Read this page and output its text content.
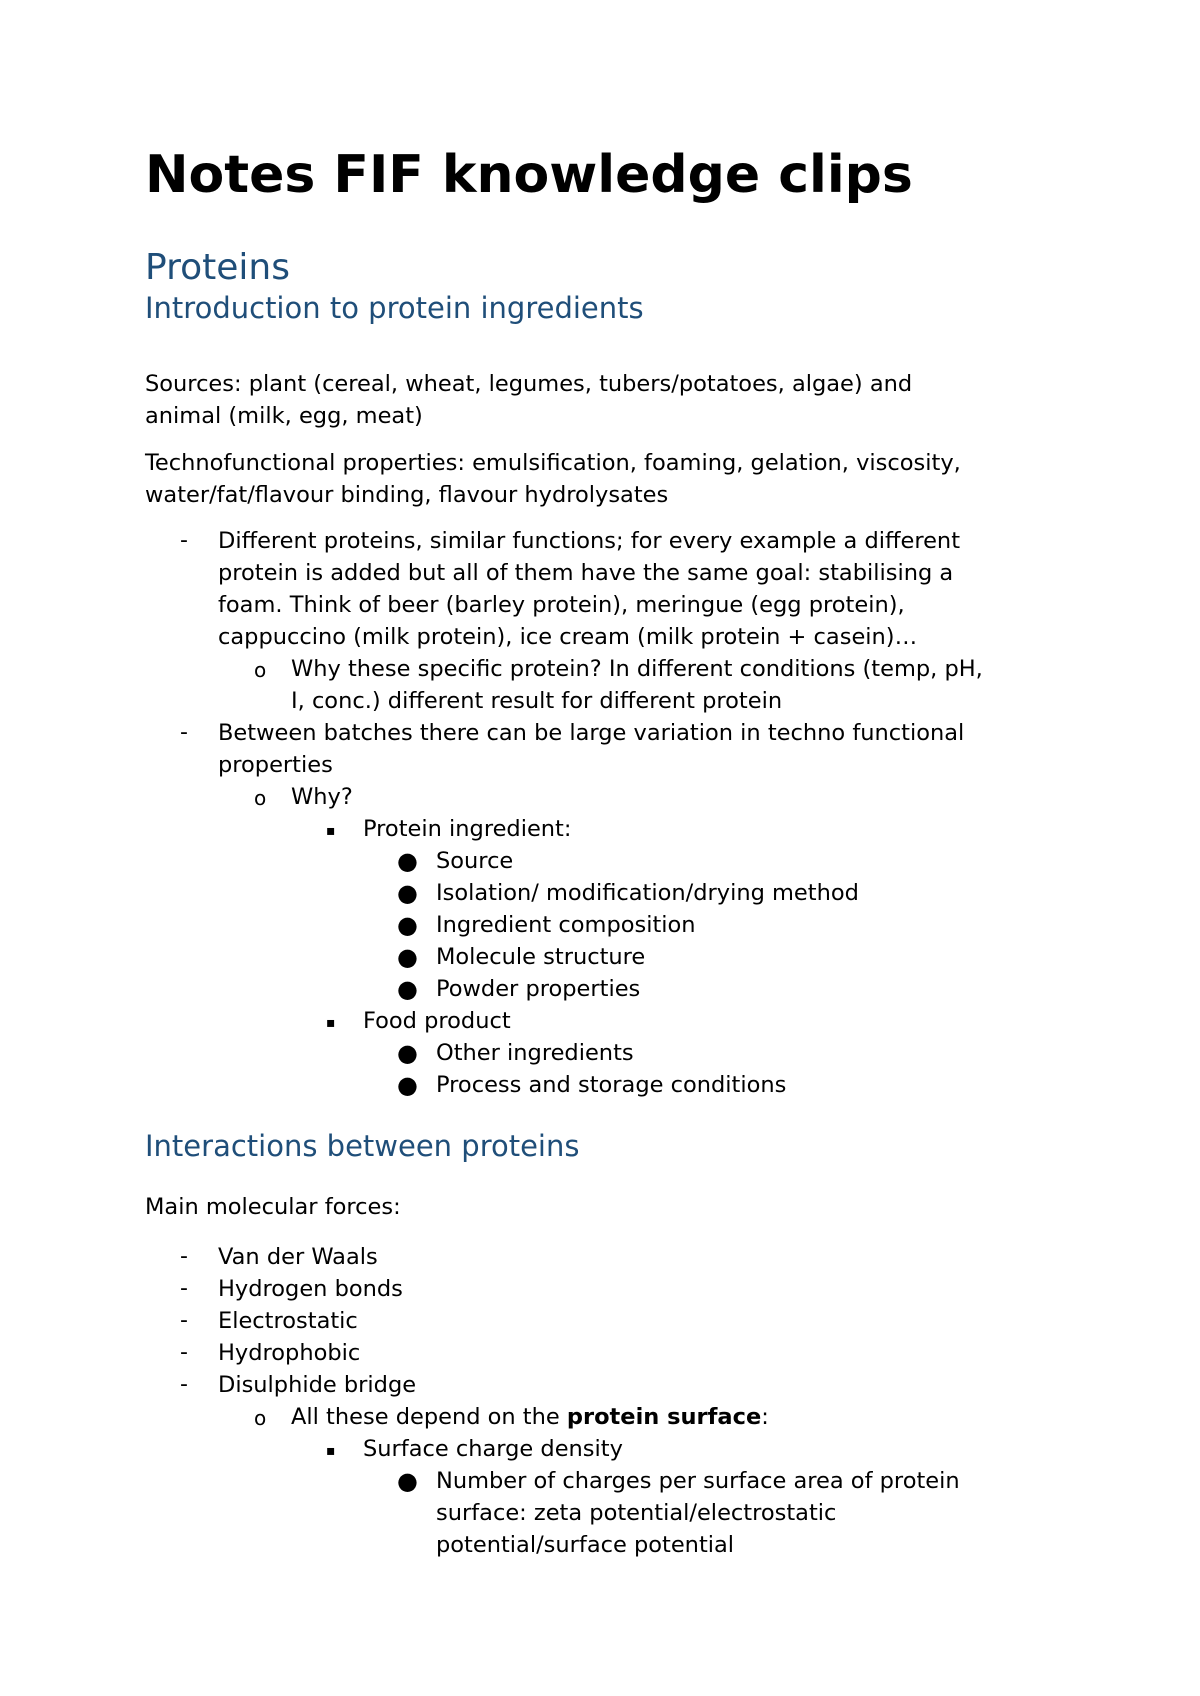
Notes FIF knowledge clips
Proteins
Introduction to protein ingredients

Sources: plant (cereal, wheat, legumes, tubers/potatoes, algae) and

animal (milk, egg, meat)

Technofunctional properties: emulsification, foaming, gelation, viscosity,

water/fat/flavour binding, flavour hydrolysates

- Different proteins, similar functions; for every example a different

protein is added but all of them have the same goal: stabilising a

foam. Think of beer (barley protein), meringue (egg protein),

cappuccino (milk protein), ice cream (milk protein + casein)…

o Why these specific protein? In different conditions (temp, pH,

I, conc.) different result for different protein

- Between batches there can be large variation in techno functional

properties

o Why?

▪ Protein ingredient:

● Source

● Isolation/ modification/drying method

● Ingredient composition

● Molecule structure

● Powder properties

▪ Food product

● Other ingredients

● Process and storage conditions

Interactions between proteins

Main molecular forces:

- Van der Waals

- Hydrogen bonds

- Electrostatic

- Hydrophobic

- Disulphide bridge

o All these depend on the protein surface:

▪ Surface charge density

● Number of charges per surface area of protein

surface: zeta potential/electrostatic

potential/surface potential
